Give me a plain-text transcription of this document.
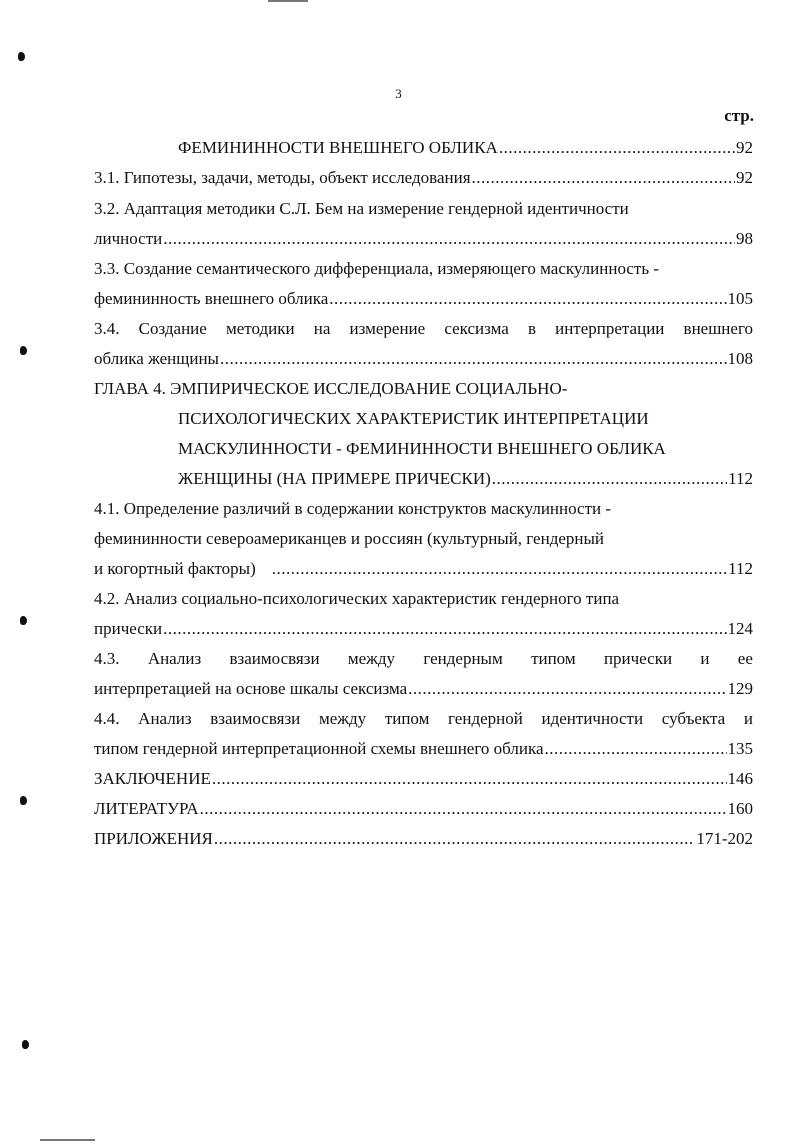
3
стр.
ФЕМИНИННОСТИ ВНЕШНЕГО ОБЛИКА .....	92
3.1. Гипотезы, задачи, методы, объект исследования .....	92
3.2. Адаптация методики С.Л. Бем на измерение гендерной идентичности
личности .....	98
3.3. Создание семантического дифференциала, измеряющего маскулинность -
фемининность внешнего облика .....	105
3.4. Создание методики на измерение сексизма в интерпретации внешнего
облика женщины .....	108
ГЛАВА 4. ЭМПИРИЧЕСКОЕ ИССЛЕДОВАНИЕ СОЦИАЛЬНО-
ПСИХОЛОГИЧЕСКИХ ХАРАКТЕРИСТИК ИНТЕРПРЕТАЦИИ
МАСКУЛИННОСТИ - ФЕМИНИННОСТИ ВНЕШНЕГО ОБЛИКА
ЖЕНЩИНЫ (НА ПРИМЕРЕ ПРИЧЕСКИ) .....	112
4.1. Определение различий в содержании конструктов маскулинности -
фемининности североамериканцев и россиян (культурный, гендерный
и когортный факторы) .....	112
4.2. Анализ социально-психологических характеристик гендерного типа
прически .....	124
4.3. Анализ взаимосвязи между гендерным типом прически и ее
интерпретацией на основе шкалы сексизма .....	129
4.4. Анализ взаимосвязи между типом гендерной идентичности субъекта и
типом гендерной интерпретационной схемы внешнего облика .....	135
ЗАКЛЮЧЕНИЕ .....	146
ЛИТЕРАТУРА .....	160
ПРИЛОЖЕНИЯ .....	171-202
